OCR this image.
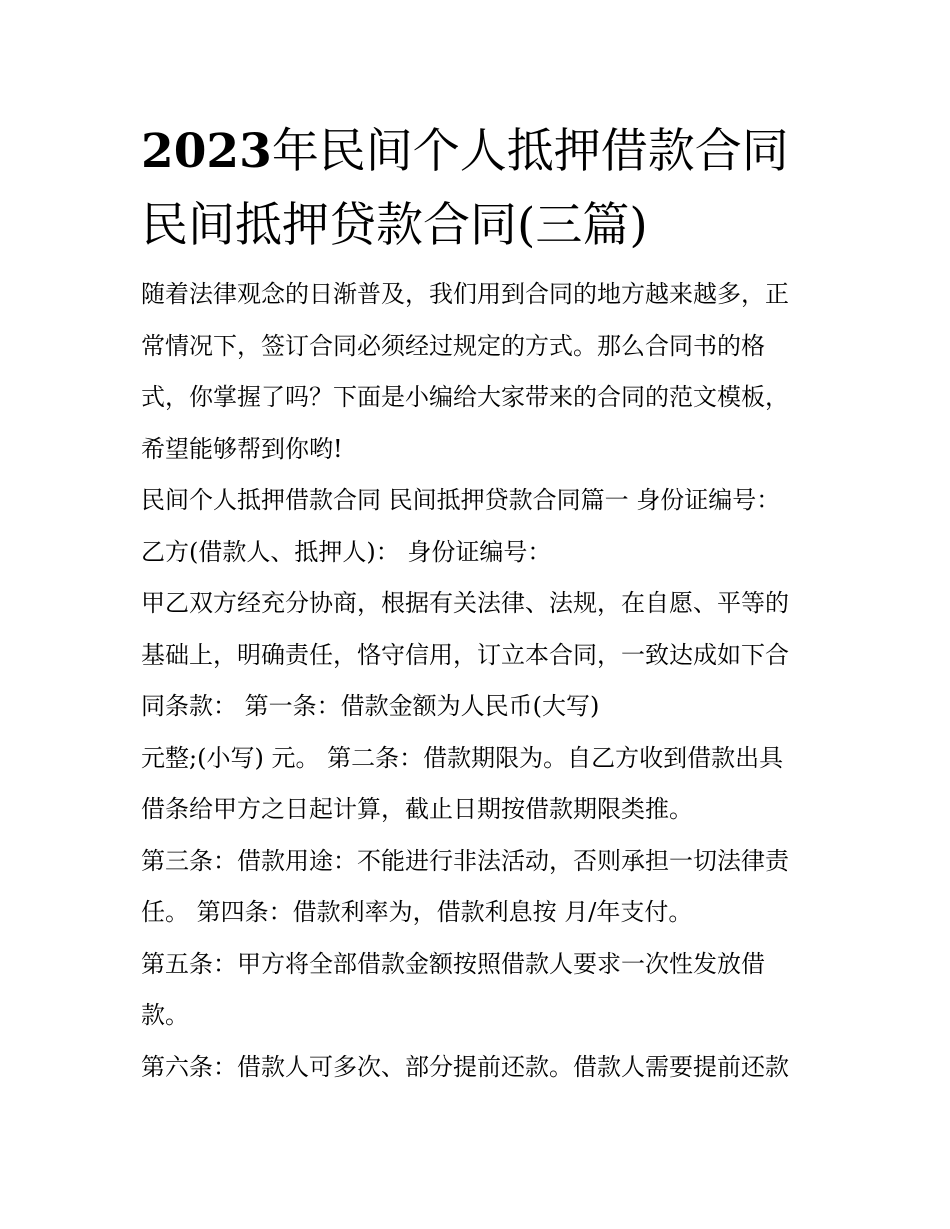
2023年民间个人抵押借款合同
民间抵押贷款合同(三篇)

随着法律观念的日渐普及，我们用到合同的地方越来越多，正
常情况下，签订合同必须经过规定的方式。那么合同书的格
式，你掌握了吗？下面是小编给大家带来的合同的范文模板，
希望能够帮到你哟!

民间个人抵押借款合同 民间抵押贷款合同篇一 身份证编号：
乙方(借款人、抵押人)： 身份证编号：

甲乙双方经充分协商，根据有关法律、法规，在自愿、平等的
基础上，明确责任，恪守信用，订立本合同，一致达成如下合
同条款： 第一条：借款金额为人民币(大写)

元整;(小写) 元。 第二条：借款期限为。自乙方收到借款出具
借条给甲方之日起计算，截止日期按借款期限类推。

第三条：借款用途：不能进行非法活动，否则承担一切法律责
任。 第四条：借款利率为，借款利息按 月/年支付。

第五条：甲方将全部借款金额按照借款人要求一次性发放借
款。

第六条：借款人可多次、部分提前还款。借款人需要提前还款
